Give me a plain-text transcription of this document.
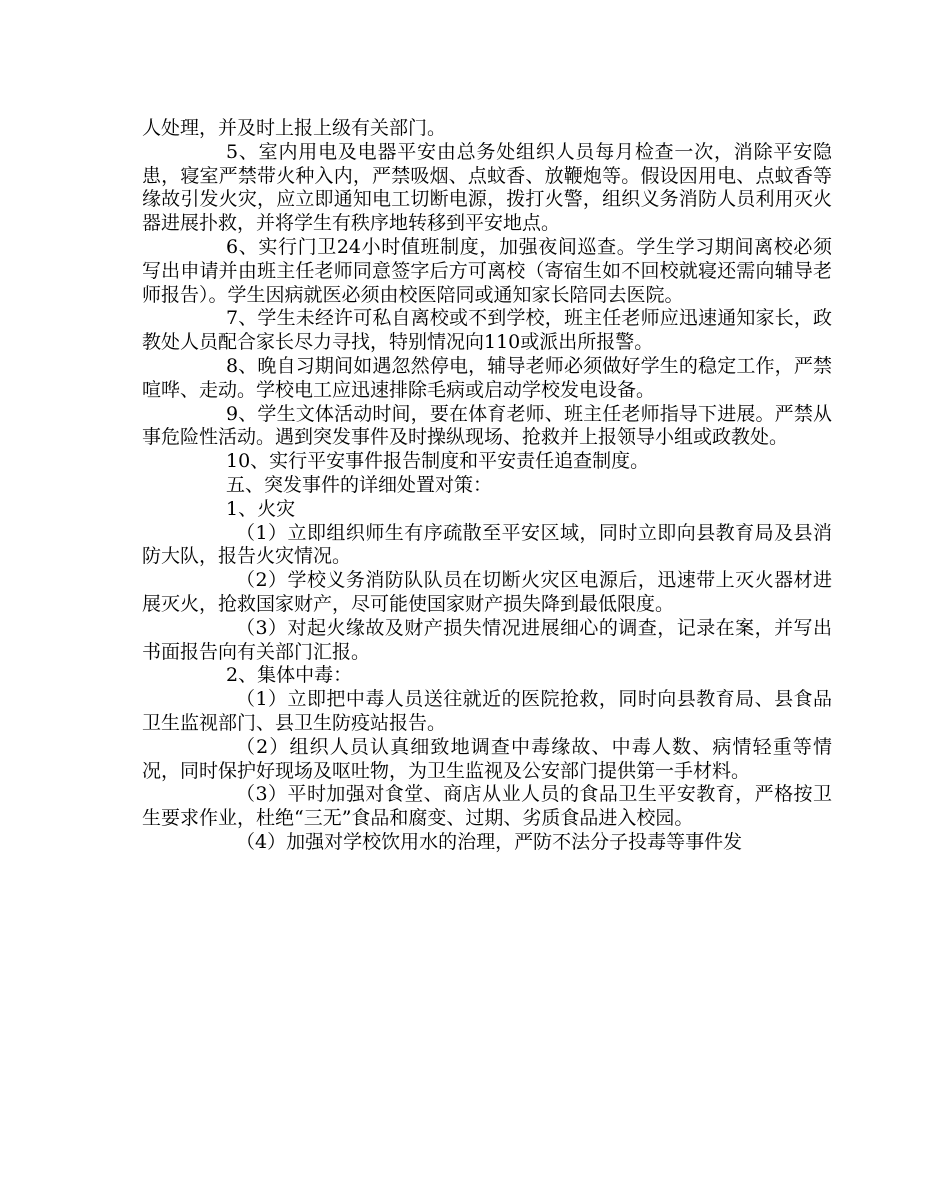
人处理，并及时上报上级有关部门。

5、室内用电及电器平安由总务处组织人员每月检查一次，消除平安隐患，寝室严禁带火种入内，严禁吸烟、点蚊香、放鞭炮等。假设因用电、点蚊香等缘故引发火灾，应立即通知电工切断电源，拨打火警，组织义务消防人员利用灭火器进展扑救，并将学生有秩序地转移到平安地点。

6、实行门卫24小时值班制度，加强夜间巡查。学生学习期间离校必须写出申请并由班主任老师同意签字后方可离校（寄宿生如不回校就寝还需向辅导老师报告）。学生因病就医必须由校医陪同或通知家长陪同去医院。

7、学生未经许可私自离校或不到学校，班主任老师应迅速通知家长，政教处人员配合家长尽力寻找，特别情况向110或派出所报警。

8、晚自习期间如遇忽然停电，辅导老师必须做好学生的稳定工作，严禁喧哗、走动。学校电工应迅速排除毛病或启动学校发电设备。

9、学生文体活动时间，要在体育老师、班主任老师指导下进展。严禁从事危险性活动。遇到突发事件及时操纵现场、抢救并上报领导小组或政教处。

10、实行平安事件报告制度和平安责任追查制度。

五、突发事件的详细处置对策：

1、火灾

（1）立即组织师生有序疏散至平安区域，同时立即向县教育局及县消防大队，报告火灾情况。

（2）学校义务消防队队员在切断火灾区电源后，迅速带上灭火器材进展灭火，抢救国家财产，尽可能使国家财产损失降到最低限度。

（3）对起火缘故及财产损失情况进展细心的调查，记录在案，并写出书面报告向有关部门汇报。

2、集体中毒：

（1）立即把中毒人员送往就近的医院抢救，同时向县教育局、县食品卫生监视部门、县卫生防疫站报告。

（2）组织人员认真细致地调查中毒缘故、中毒人数、病情轻重等情况，同时保护好现场及呕吐物，为卫生监视及公安部门提供第一手材料。

（3）平时加强对食堂、商店从业人员的食品卫生平安教育，严格按卫生要求作业，杜绝“三无”食品和腐变、过期、劣质食品进入校园。

（4）加强对学校饮用水的治理，严防不法分子投毒等事件发
